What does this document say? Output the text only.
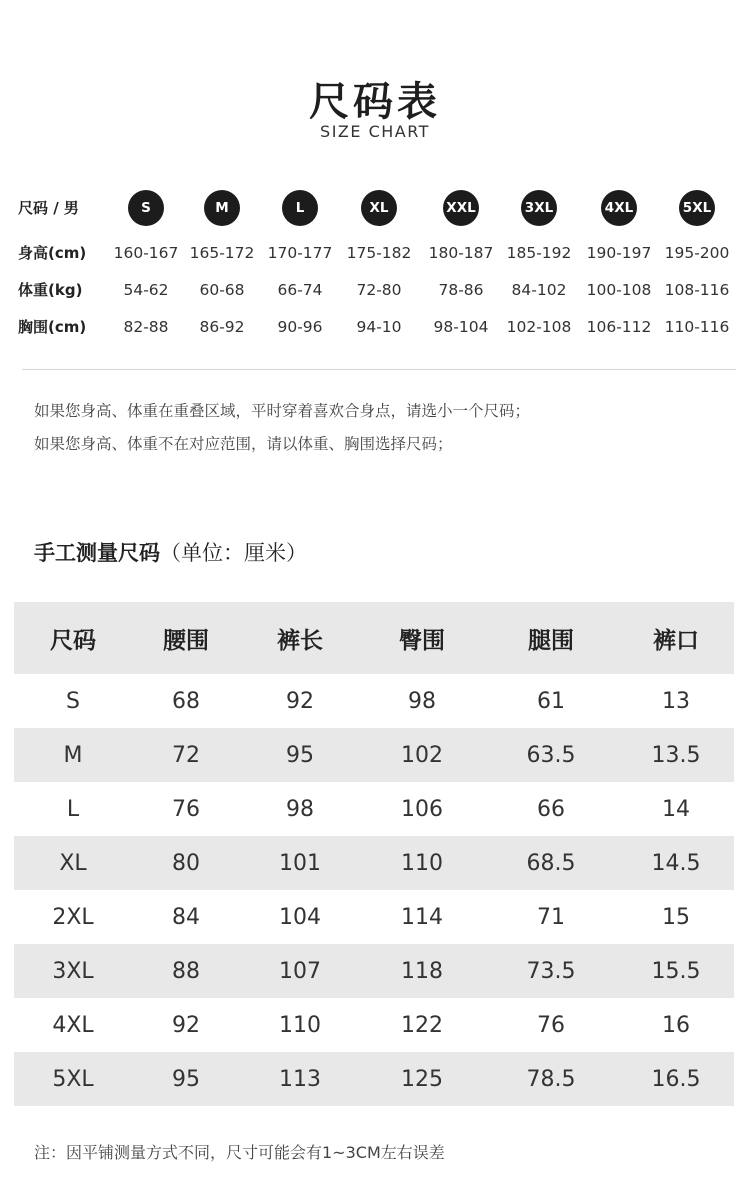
尺码表
SIZE CHART
尺码 / 男	S	M	L	XL	XXL	3XL	4XL	5XL
身高(cm)	160-167 165-172 170-177 175-182	180-187 185-192 190-197 195-200
体重(kg)	54-62	60-68	66-74	72-80	78-86	84-102	100-108 108-116
胸围(cm)	82-88	86-92	90-96	94-10	98-104	102-108 106-112 110-116
如果您身高、体重在重叠区域，平时穿着喜欢合身点，请选小一个尺码；
如果您身高、体重不在对应范围，请以体重、胸围选择尺码；
手工测量尺码（单位：厘米）
尺码	腰围	裤长	臀围	腿围	裤口
S	68	92	98	61	13
M	72	95	102	63.5	13.5
L	76	98	106	66	14
XL	80	101	110	68.5	14.5
2XL	84	104	114	71	15
3XL	88	107	118	73.5	15.5
4XL	92	110	122	76	16
5XL	95	113	125	78.5	16.5
注：因平铺测量方式不同，尺寸可能会有1~3CM左右误差
